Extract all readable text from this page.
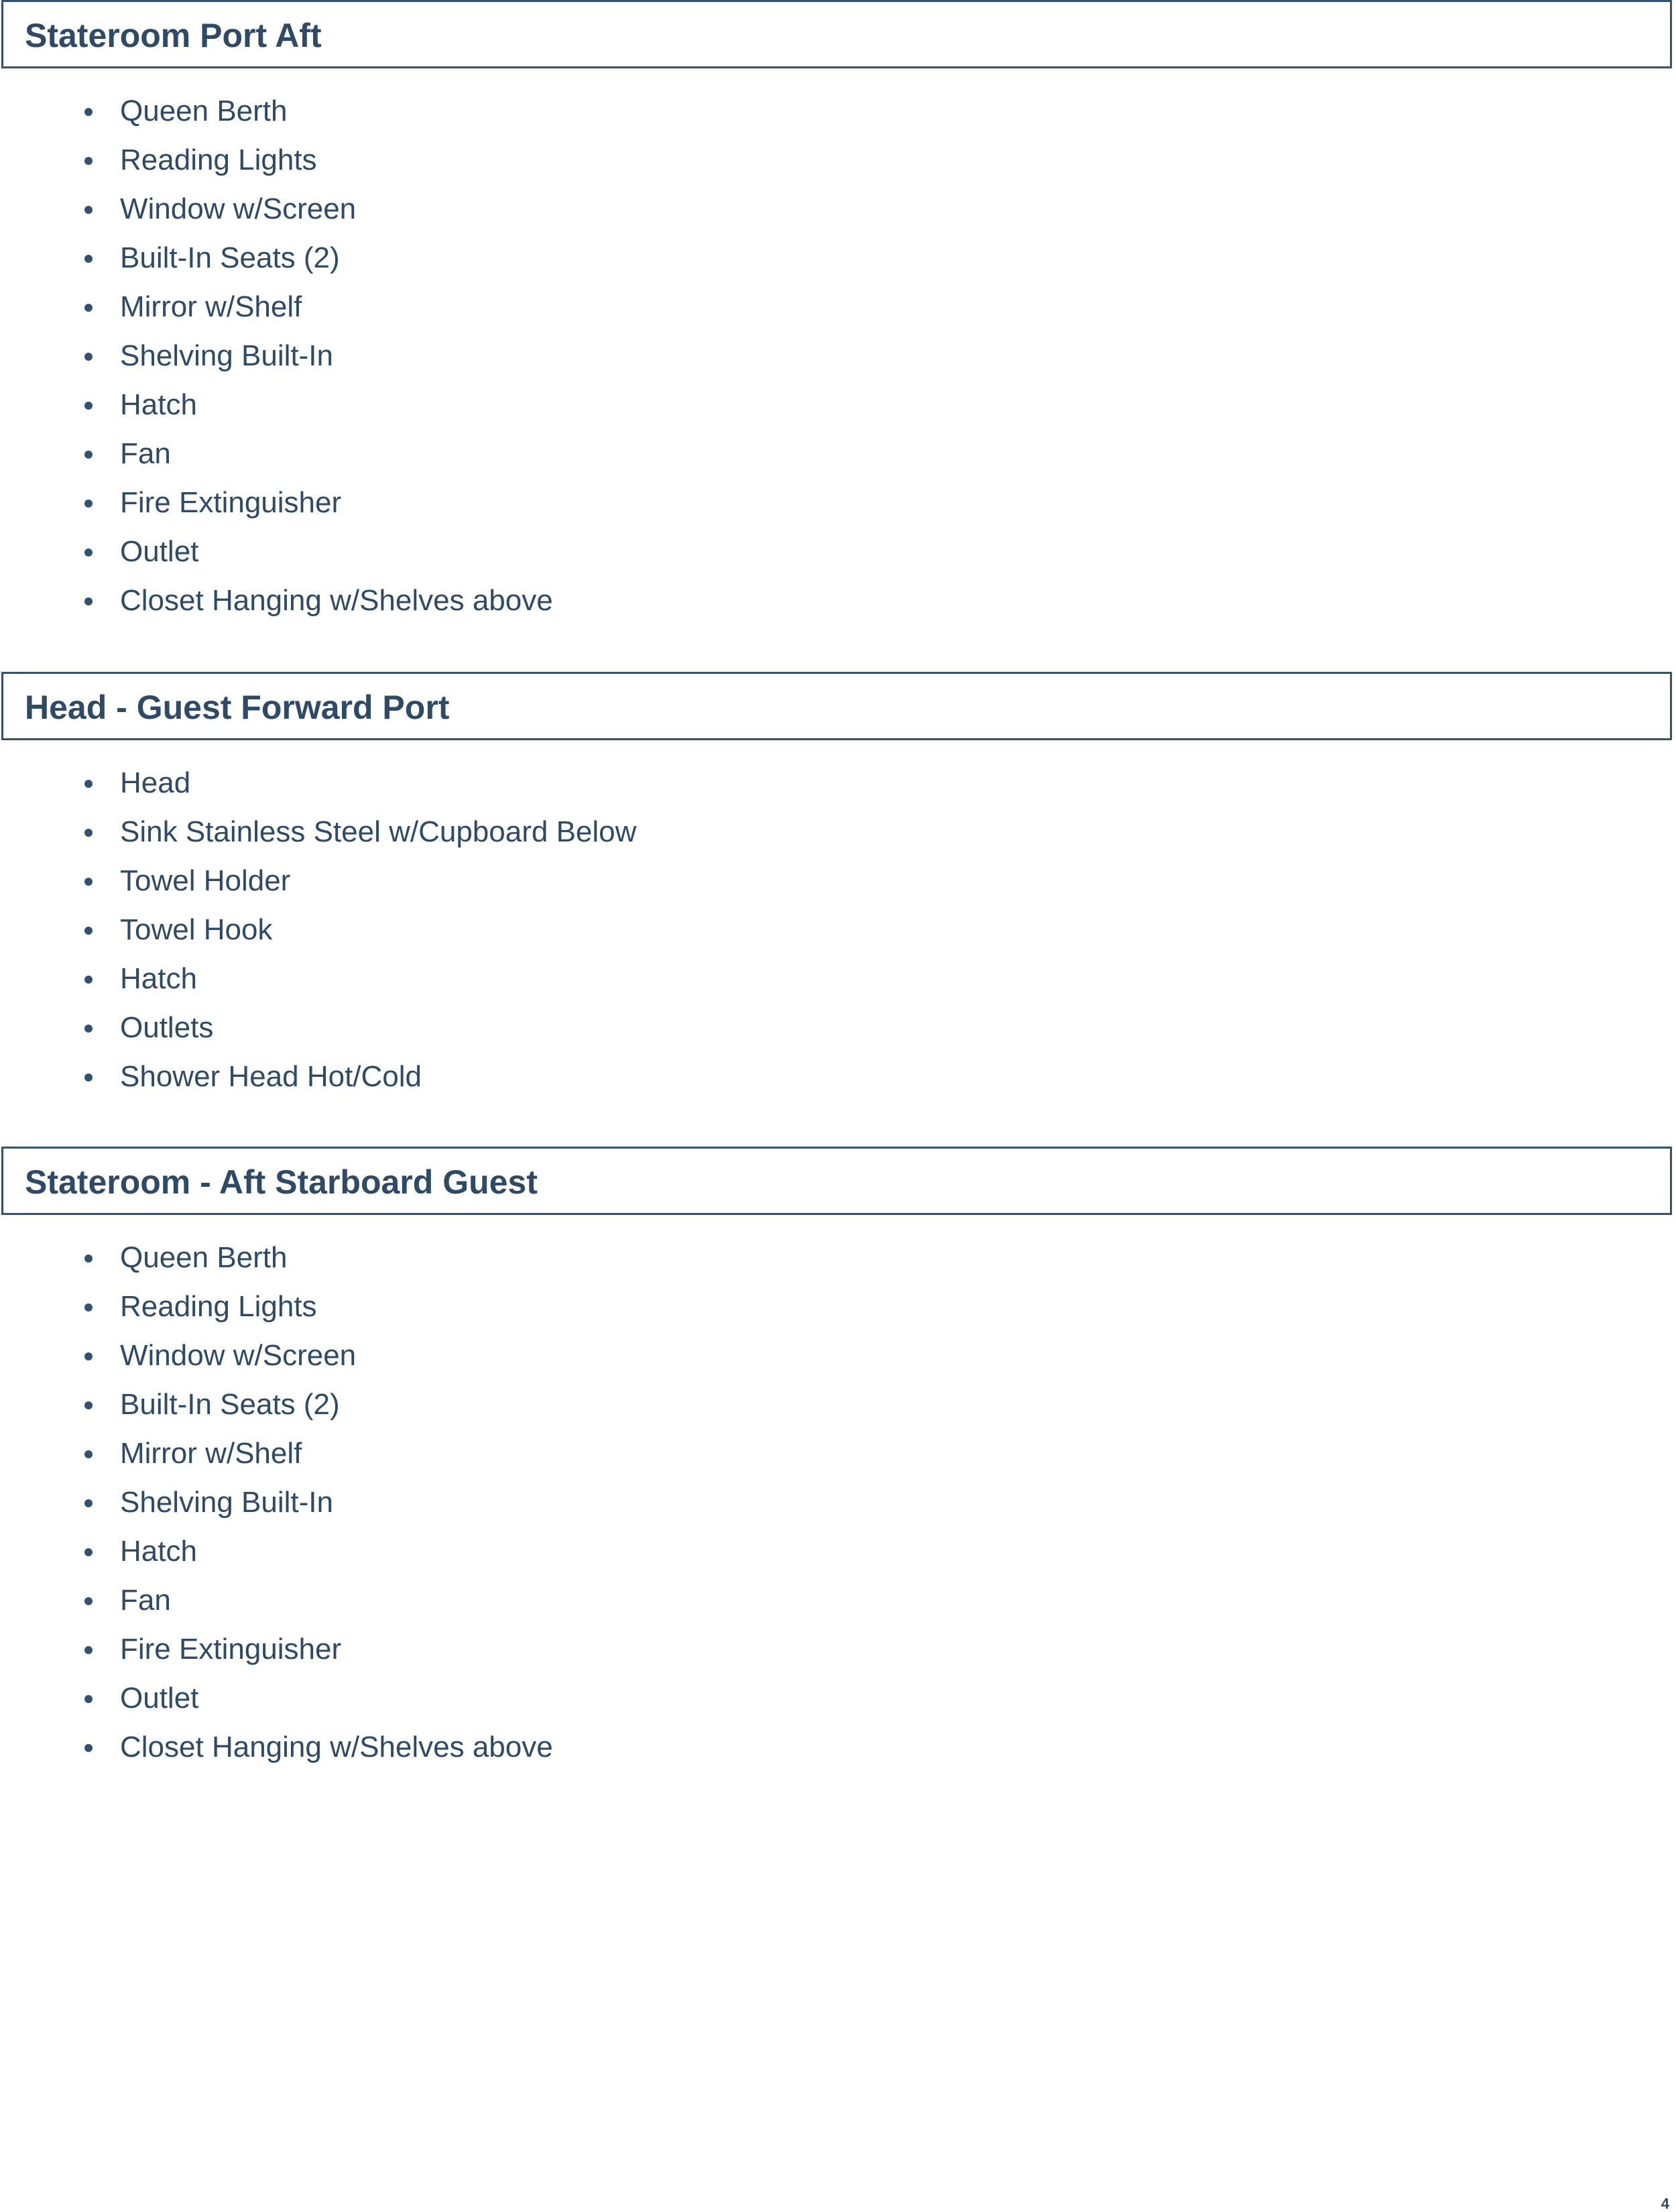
Stateroom Port Aft
Queen Berth
Reading Lights
Window w/Screen
Built-In Seats (2)
Mirror w/Shelf
Shelving Built-In
Hatch
Fan
Fire Extinguisher
Outlet
Closet Hanging w/Shelves above
Head - Guest Forward Port
Head
Sink Stainless Steel w/Cupboard Below
Towel Holder
Towel Hook
Hatch
Outlets
Shower Head Hot/Cold
Stateroom - Aft Starboard Guest
Queen Berth
Reading Lights
Window w/Screen
Built-In Seats (2)
Mirror w/Shelf
Shelving Built-In
Hatch
Fan
Fire Extinguisher
Outlet
Closet Hanging w/Shelves above
4
